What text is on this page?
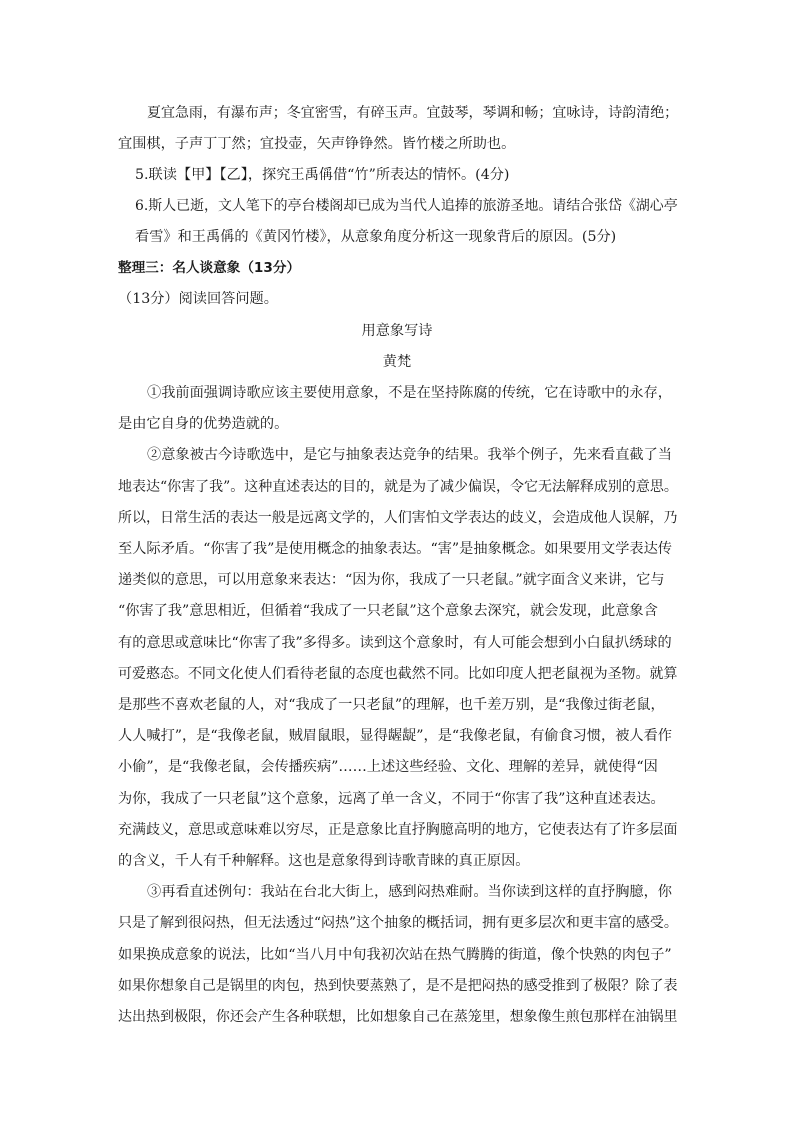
夏宜急雨，有瀑布声；冬宜密雪，有碎玉声。宜鼓琴，琴调和畅；宜咏诗，诗韵清绝；
宜围棋，子声丁丁然；宜投壶，矢声铮铮然。皆竹楼之所助也。
5.联读【甲】【乙】，探究王禹偁借“竹”所表达的情怀。(4分)
6.斯人已逝，文人笔下的亭台楼阁却已成为当代人追捧的旅游圣地。请结合张岱《湖心亭
看雪》和王禹偁的《黄冈竹楼》，从意象角度分析这一现象背后的原因。(5分)
整理三：名人谈意象（13分）
（13分）阅读回答问题。
用意象写诗
黄梵
①我前面强调诗歌应该主要使用意象，不是在坚持陈腐的传统，它在诗歌中的永存，
是由它自身的优势造就的。
②意象被古今诗歌选中，是它与抽象表达竞争的结果。我举个例子，先来看直截了当
地表达“你害了我”。这种直述表达的目的，就是为了减少偏误，令它无法解释成别的意思。
所以，日常生活的表达一般是远离文学的，人们害怕文学表达的歧义，会造成他人误解，乃
至人际矛盾。“你害了我”是使用概念的抽象表达。“害”是抽象概念。如果要用文学表达传
递类似的意思，可以用意象来表达：“因为你，我成了一只老鼠。”就字面含义来讲，它与
“你害了我”意思相近，但循着“我成了一只老鼠”这个意象去深究，就会发现，此意象含
有的意思或意味比“你害了我”多得多。读到这个意象时，有人可能会想到小白鼠扒绣球的
可爱憨态。不同文化使人们看待老鼠的态度也截然不同。比如印度人把老鼠视为圣物。就算
是那些不喜欢老鼠的人，对“我成了一只老鼠”的理解，也千差万别，是“我像过街老鼠，
人人喊打”，是“我像老鼠，贼眉鼠眼，显得龌龊”，是“我像老鼠，有偷食习惯，被人看作
小偷”，是“我像老鼠，会传播疾病”……上述这些经验、文化、理解的差异，就使得“因
为你，我成了一只老鼠”这个意象，远离了单一含义，不同于“你害了我”这种直述表达。
充满歧义，意思或意味难以穷尽，正是意象比直抒胸臆高明的地方，它使表达有了许多层面
的含义，千人有千种解释。这也是意象得到诗歌青睐的真正原因。
③再看直述例句：我站在台北大街上，感到闷热难耐。当你读到这样的直抒胸臆，你
只是了解到很闷热，但无法透过“闷热”这个抽象的概括词，拥有更多层次和更丰富的感受。
如果换成意象的说法，比如“当八月中旬我初次站在热气腾腾的街道，像个快熟的肉包子”
如果你想象自己是锅里的肉包，热到快要蒸熟了，是不是把闷热的感受推到了极限？除了表
达出热到极限，你还会产生各种联想，比如想象自己在蒸笼里，想象像生煎包那样在油锅里
